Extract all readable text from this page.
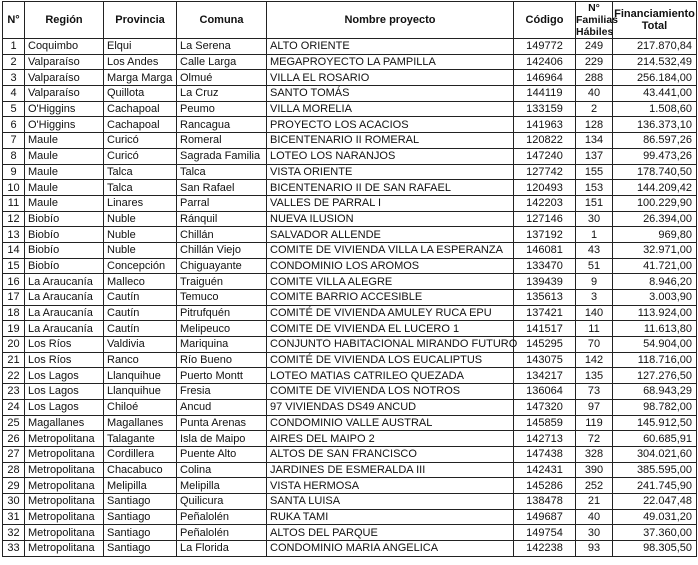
N°	Región	Provincia	Comuna	Nombre proyecto	Código	N° Familias Hábiles	Financiamiento Total
1	Coquimbo	Elqui	La Serena	ALTO ORIENTE	149772	249	217.870,84
2	Valparaíso	Los Andes	Calle Larga	MEGAPROYECTO LA PAMPILLA	142406	229	214.532,49
3	Valparaíso	Marga Marga	Olmué	VILLA EL ROSARIO	146964	288	256.184,00
4	Valparaíso	Quillota	La Cruz	SANTO TOMÁS	144119	40	43.441,00
5	O'Higgins	Cachapoal	Peumo	VILLA MORELIA	133159	2	1.508,60
6	O'Higgins	Cachapoal	Rancagua	PROYECTO LOS ACACIOS	141963	128	136.373,10
7	Maule	Curicó	Romeral	BICENTENARIO II ROMERAL	120822	134	86.597,26
8	Maule	Curicó	Sagrada Familia	LOTEO LOS NARANJOS	147240	137	99.473,26
9	Maule	Talca	Talca	VISTA ORIENTE	127742	155	178.740,50
10	Maule	Talca	San Rafael	BICENTENARIO II DE SAN RAFAEL	120493	153	144.209,42
11	Maule	Linares	Parral	VALLES DE PARRAL I	142203	151	100.229,90
12	Biobío	Nuble	Ránquil	NUEVA ILUSION	127146	30	26.394,00
13	Biobío	Nuble	Chillán	SALVADOR ALLENDE	137192	1	969,80
14	Biobío	Nuble	Chillán Viejo	COMITE DE VIVIENDA VILLA LA ESPERANZA	146081	43	32.971,00
15	Biobío	Concepción	Chiguayante	CONDOMINIO LOS AROMOS	133470	51	41.721,00
16	La Araucanía	Malleco	Traiguén	COMITE VILLA ALEGRE	139439	9	8.946,20
17	La Araucanía	Cautín	Temuco	COMITE BARRIO ACCESIBLE	135613	3	3.003,90
18	La Araucanía	Cautín	Pitrufquén	COMITÉ DE VIVIENDA AMULEY RUCA EPU	137421	140	113.924,00
19	La Araucanía	Cautín	Melipeuco	COMITE DE VIVIENDA EL LUCERO 1	141517	11	11.613,80
20	Los Ríos	Valdivia	Mariquina	CONJUNTO HABITACIONAL MIRANDO FUTURO	145295	70	54.904,00
21	Los Ríos	Ranco	Río Bueno	COMITÉ DE VIVIENDA LOS EUCALIPTUS	143075	142	118.716,00
22	Los Lagos	Llanquihue	Puerto Montt	LOTEO MATIAS CATRILEO QUEZADA	134217	135	127.276,50
23	Los Lagos	Llanquihue	Fresia	COMITE DE VIVIENDA LOS NOTROS	136064	73	68.943,29
24	Los Lagos	Chiloé	Ancud	97 VIVIENDAS DS49 ANCUD	147320	97	98.782,00
25	Magallanes	Magallanes	Punta Arenas	CONDOMINIO VALLE AUSTRAL	145859	119	145.912,50
26	Metropolitana	Talagante	Isla de Maipo	AIRES DEL MAIPO 2	142713	72	60.685,91
27	Metropolitana	Cordillera	Puente Alto	ALTOS DE SAN FRANCISCO	147438	328	304.021,60
28	Metropolitana	Chacabuco	Colina	JARDINES DE ESMERALDA III	142431	390	385.595,00
29	Metropolitana	Melipilla	Melipilla	VISTA HERMOSA	145286	252	241.745,90
30	Metropolitana	Santiago	Quilicura	SANTA LUISA	138478	21	22.047,48
31	Metropolitana	Santiago	Peñalolén	RUKA TAMI	149687	40	49.031,20
32	Metropolitana	Santiago	Peñalolén	ALTOS DEL PARQUE	149754	30	37.360,00
33	Metropolitana	Santiago	La Florida	CONDOMINIO MARIA ANGELICA	142238	93	98.305,50
